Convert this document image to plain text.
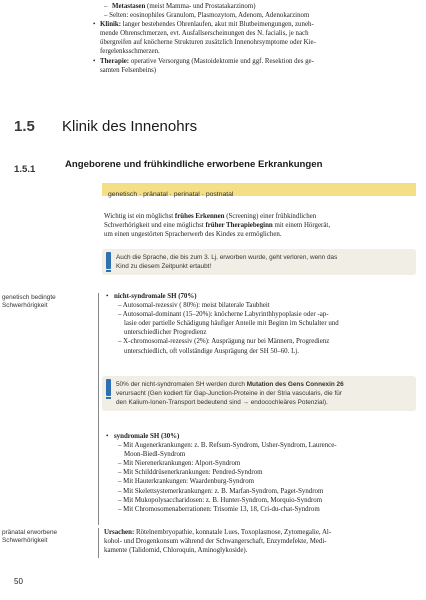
– Metastasen (meist Mamma- und Prostatakarzinom)
– Selten: eosinophiles Granulom, Plasmozytom, Adenom, Adenokarzinom
• Klinik: langer bestehendes Ohrenlaufen, akut mit Blutbeimengungen, zuneh-
mende Ohrenschmerzen, evt. Ausfallserscheinungen des N. facialis, je nach
übergreifen auf knöcherne Strukturen zusätzlich Innenohrsymptome oder Kie-
fergelenksschmerzen.
• Therapie: operative Versorgung (Mastoidektomie und ggf. Resektion des ge-
samten Felsenbeins)
1.5 Klinik des Innenohrs
1.5.1	Angeborene und frühkindliche erworbene Erkrankungen
genetisch · pränatal · perinatal · postnatal
Wichtig ist ein möglichst frühes Erkennen (Screening) einer frühkindlichen
Schwerhörigkeit und eine möglichst früher Therapiebeginn mit einem Hörgerät,
um einen ungestörten Spracherwerb des Kindes zu ermöglichen.
Auch die Sprache, die bis zum 3. Lj. erworben wurde, geht verloren, wenn das
Kind zu diesem Zeitpunkt ertaubt!
genetisch bedingte
Schwerhörigkeit
• nicht-syndromale SH (70%)
– Autosomal-rezessiv ( 80%): meist bilaterale Taubheit
– Autosomal-dominant (15–20%): knöcherne Labyrinthhypoplasie oder -ap-
lasie oder partielle Schädigung häufiger Anteile mit Beginn im Schulalter und
unterschiedlicher Progredienz
– X-chromosomal-rezessiv (2%): Ausprägung nur bei Männern, Progredienz
unterschiedlich, oft vollständige Ausprägung der SH 50–60. Lj.
50% der nicht-syndromalen SH werden durch Mutation des Gens Connexin 26
verursacht (Gen kodiert für Gap-Junction-Proteine in der Stria vascularis, die für
den Kalium-Ionen-Transport bedeutend sind → endocochleäres Potenzial).
• syndromale SH (30%)
– Mit Augenerkrankungen: z. B. Refsum-Syndrom, Usher-Syndrom, Laurence-
Moon-Biedl-Syndrom
– Mit Nierenerkrankungen: Alport-Syndrom
– Mit Schilddrüsenerkrankungen: Pendred-Syndrom
– Mit Hauterkrankungen: Waardenburg-Syndrom
– Mit Skelettsystemerkrankungen: z. B. Marfan-Syndrom, Paget-Syndrom
– Mit Mukopolysaccharidosen: z. B. Hunter-Syndrom, Morquio-Syndrom
– Mit Chromosomenaberrationen: Trisomie 13, 18, Cri-du-chat-Syndrom
pränatal erworbene
Schwerhörigkeit
Ursachen: Rötelnembryopathie, konnatale Lues, Toxoplasmose, Zytomegalie, Al-
kohol- und Drogenkonsum während der Schwangerschaft, Enzymdefekte, Medi-
kamente (Talidomid, Chloroquin, Aminoglykoside).
50
